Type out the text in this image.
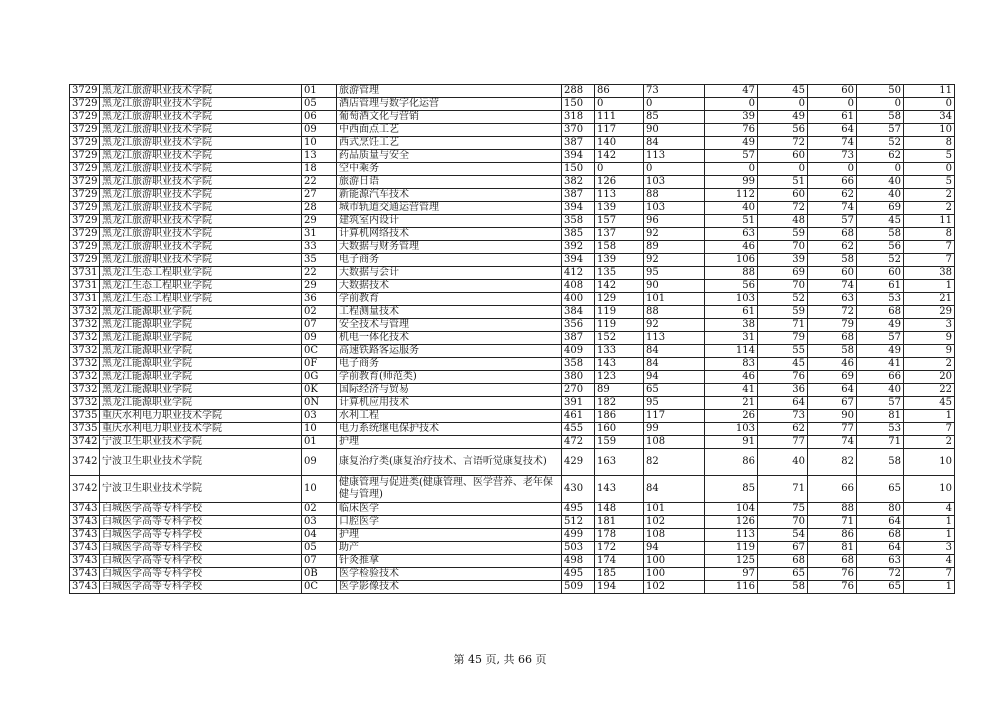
3729	黑龙江旅游职业技术学院	01	旅游管理	288	86	73	47	45	60	50	11
3729	黑龙江旅游职业技术学院	05	酒店管理与数字化运营	150	0	0	0	0	0	0	0
3729	黑龙江旅游职业技术学院	06	葡萄酒文化与营销	318	111	85	39	49	61	58	34
3729	黑龙江旅游职业技术学院	09	中西面点工艺	370	117	90	76	56	64	57	10
3729	黑龙江旅游职业技术学院	10	西式烹饪工艺	387	140	84	49	72	74	52	8
3729	黑龙江旅游职业技术学院	13	药品质量与安全	394	142	113	57	60	73	62	5
3729	黑龙江旅游职业技术学院	18	空中乘务	150	0	0	0	0	0	0	0
3729	黑龙江旅游职业技术学院	22	旅游日语	382	126	103	99	51	66	40	5
3729	黑龙江旅游职业技术学院	27	新能源汽车技术	387	113	88	112	60	62	40	2
3729	黑龙江旅游职业技术学院	28	城市轨道交通运营管理	394	139	103	40	72	74	69	2
3729	黑龙江旅游职业技术学院	29	建筑室内设计	358	157	96	51	48	57	45	11
3729	黑龙江旅游职业技术学院	31	计算机网络技术	385	137	92	63	59	68	58	8
3729	黑龙江旅游职业技术学院	33	大数据与财务管理	392	158	89	46	70	62	56	7
3729	黑龙江旅游职业技术学院	35	电子商务	394	139	92	106	39	58	52	7
3731	黑龙江生态工程职业学院	22	大数据与会计	412	135	95	88	69	60	60	38
3731	黑龙江生态工程职业学院	29	大数据技术	408	142	90	56	70	74	61	1
3731	黑龙江生态工程职业学院	36	学前教育	400	129	101	103	52	63	53	21
3732	黑龙江能源职业学院	02	工程测量技术	384	119	88	61	59	72	68	29
3732	黑龙江能源职业学院	07	安全技术与管理	356	119	92	38	71	79	49	3
3732	黑龙江能源职业学院	09	机电一体化技术	387	152	113	31	79	68	57	9
3732	黑龙江能源职业学院	0C	高速铁路客运服务	409	133	84	114	55	58	49	9
3732	黑龙江能源职业学院	0F	电子商务	358	143	84	83	45	46	41	2
3732	黑龙江能源职业学院	0G	学前教育(师范类)	380	123	94	46	76	69	66	20
3732	黑龙江能源职业学院	0K	国际经济与贸易	270	89	65	41	36	64	40	22
3732	黑龙江能源职业学院	0N	计算机应用技术	391	182	95	21	64	67	57	45
3735	重庆水利电力职业技术学院	03	水利工程	461	186	117	26	73	90	81	1
3735	重庆水利电力职业技术学院	10	电力系统继电保护技术	455	160	99	103	62	77	53	7
3742	宁波卫生职业技术学院	01	护理	472	159	108	91	77	74	71	2
3742	宁波卫生职业技术学院	09	康复治疗类(康复治疗技术、言语听觉康复技术)	429	163	82	86	40	82	58	10
3742	宁波卫生职业技术学院	10	健康管理与促进类(健康管理、医学营养、老年保健与管理)	430	143	84	85	71	66	65	10
3743	白城医学高等专科学校	02	临床医学	495	148	101	104	75	88	80	4
3743	白城医学高等专科学校	03	口腔医学	512	181	102	126	70	71	64	1
3743	白城医学高等专科学校	04	护理	499	178	108	113	54	86	68	1
3743	白城医学高等专科学校	05	助产	503	172	94	119	67	81	64	3
3743	白城医学高等专科学校	07	针灸推拿	498	174	100	125	68	68	63	4
3743	白城医学高等专科学校	0B	医学检验技术	495	185	100	97	65	76	72	7
3743	白城医学高等专科学校	0C	医学影像技术	509	194	102	116	58	76	65	1
第 45 页, 共 66 页
